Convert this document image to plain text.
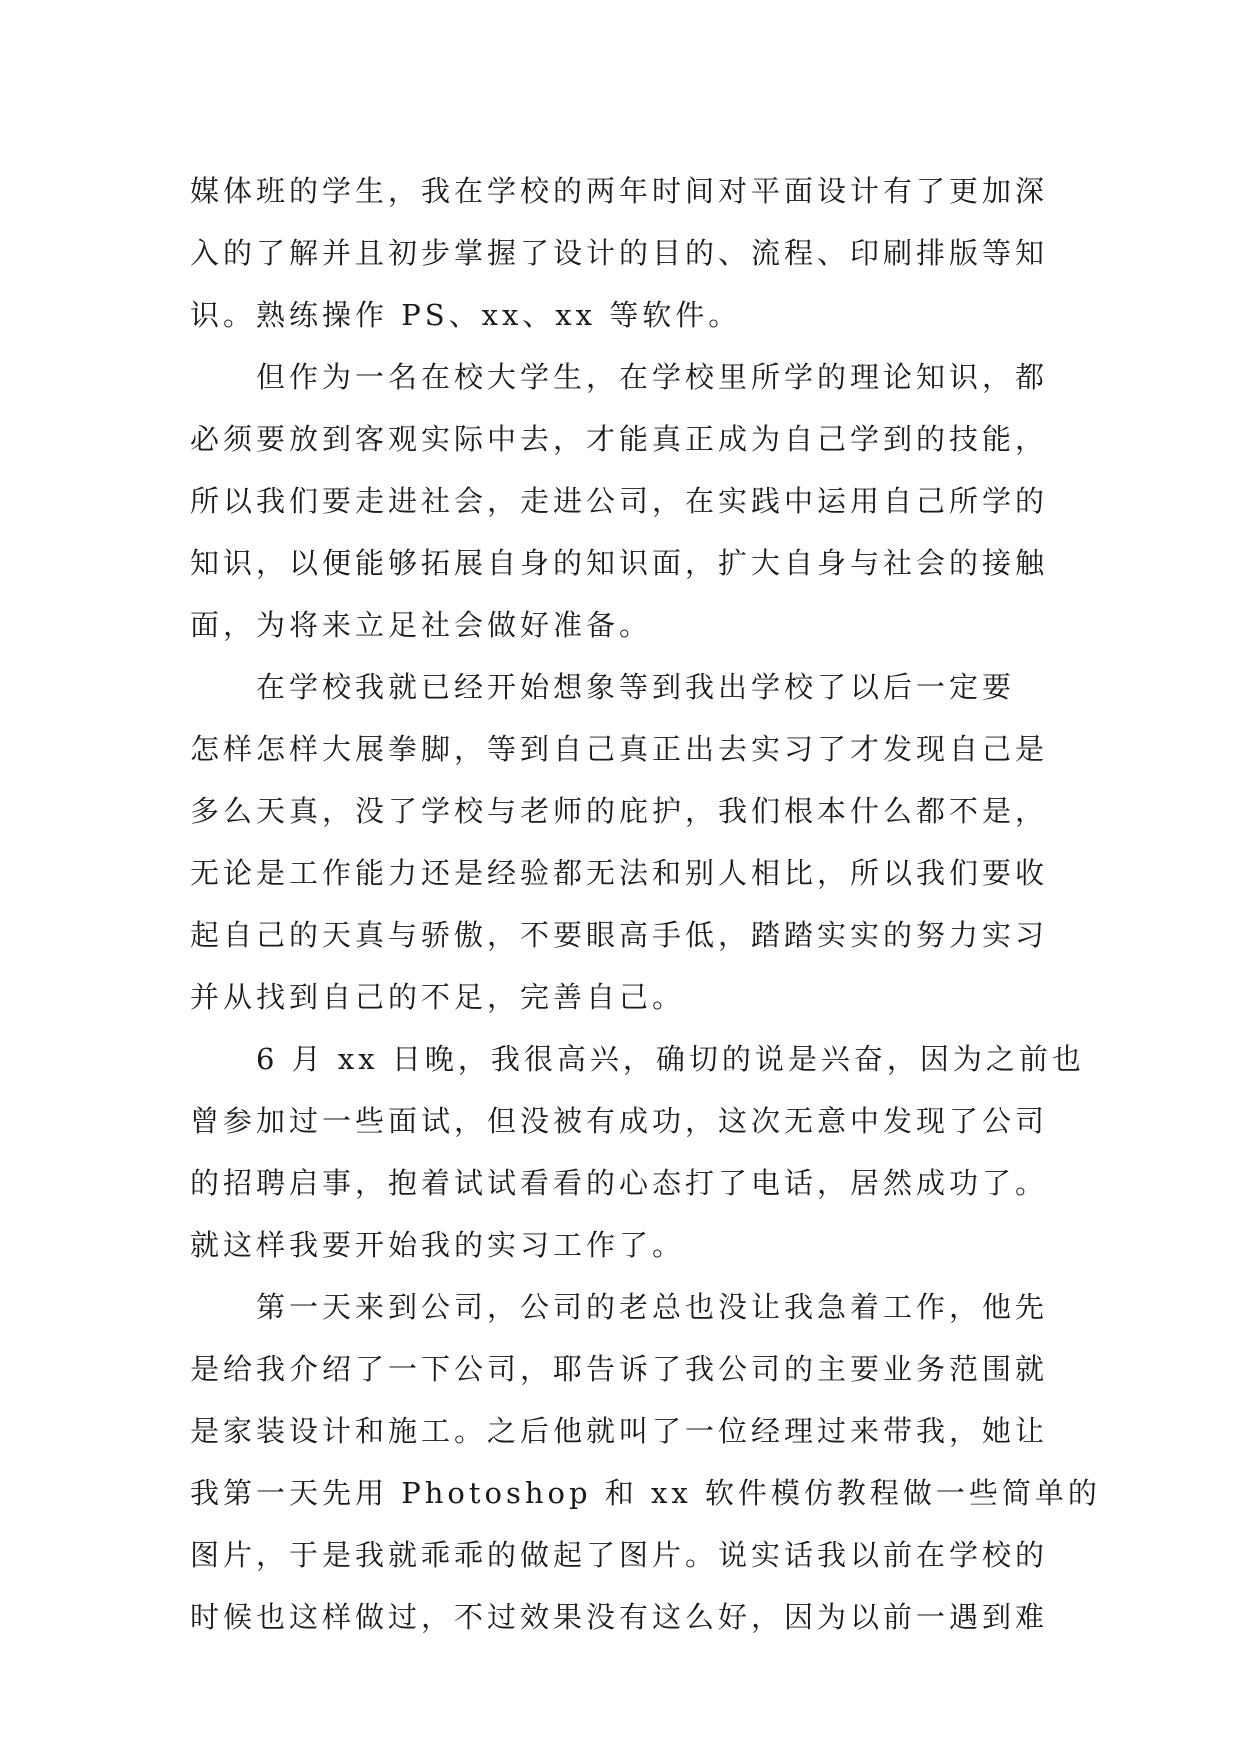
媒体班的学生，我在学校的两年时间对平面设计有了更加深
入的了解并且初步掌握了设计的目的、流程、印刷排版等知
识。熟练操作 PS、xx、xx 等软件。
但作为一名在校大学生，在学校里所学的理论知识，都
必须要放到客观实际中去，才能真正成为自己学到的技能，
所以我们要走进社会，走进公司，在实践中运用自己所学的
知识，以便能够拓展自身的知识面，扩大自身与社会的接触
面，为将来立足社会做好准备。
在学校我就已经开始想象等到我出学校了以后一定要
怎样怎样大展拳脚，等到自己真正出去实习了才发现自己是
多么天真，没了学校与老师的庇护，我们根本什么都不是，
无论是工作能力还是经验都无法和别人相比，所以我们要收
起自己的天真与骄傲，不要眼高手低，踏踏实实的努力实习
并从找到自己的不足，完善自己。
6 月 xx 日晚，我很高兴，确切的说是兴奋，因为之前也
曾参加过一些面试，但没被有成功，这次无意中发现了公司
的招聘启事，抱着试试看看的心态打了电话，居然成功了。
就这样我要开始我的实习工作了。
第一天来到公司，公司的老总也没让我急着工作，他先
是给我介绍了一下公司，耶告诉了我公司的主要业务范围就
是家装设计和施工。之后他就叫了一位经理过来带我，她让
我第一天先用 Photoshop 和 xx 软件模仿教程做一些简单的
图片，于是我就乖乖的做起了图片。说实话我以前在学校的
时候也这样做过，不过效果没有这么好，因为以前一遇到难
